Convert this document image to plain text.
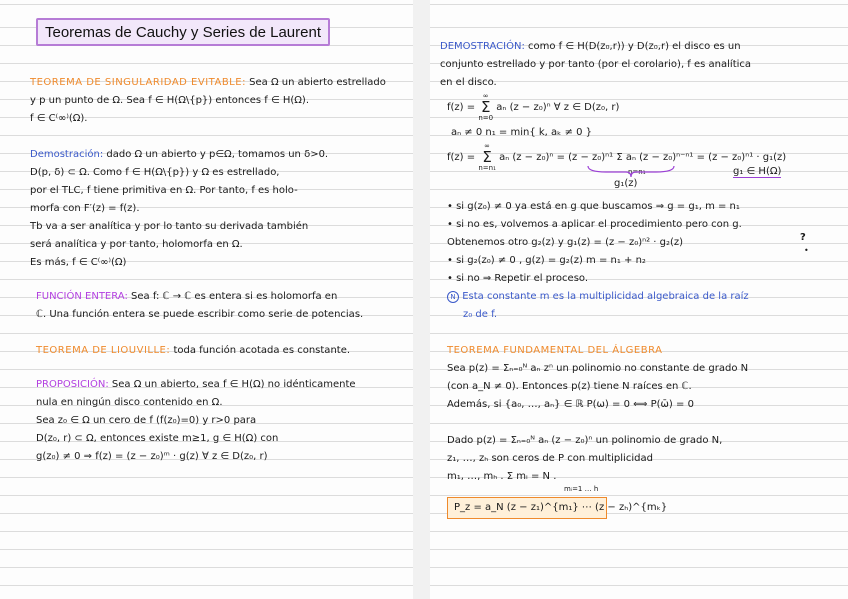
Teoremas de Cauchy y Series de Laurent

TEOREMA DE SINGULARIDAD EVITABLE: Sea Ω un abierto estrellado

y p un punto de Ω. Sea f ∈ H(Ω\{p}) entonces f ∈ H(Ω).

f ∈ C⁽∞⁾(Ω).

Demostración: dado Ω un abierto y p∈Ω, tomamos un δ>0.

D(p, δ) ⊂ Ω. Como f ∈ H(Ω\{p}) y Ω es estrellado,

por el TLC, f tiene primitiva en Ω. Por tanto, f es holo-

morfa con F′(z) = f(z).

Tb va a ser analítica y por lo tanto su derivada también

será analítica y por tanto, holomorfa en Ω.

Es más, f ∈ C⁽∞⁾(Ω)

FUNCIÓN ENTERA: Sea f: ℂ → ℂ es entera si es holomorfa en

ℂ. Una función entera se puede escribir como serie de potencias.

TEOREMA DE LIOUVILLE: toda función acotada es constante.

PROPOSICIÓN: Sea Ω un abierto, sea f ∈ H(Ω) no idénticamente

nula en ningún disco contenido en Ω.

Sea z₀ ∈ Ω un cero de f (f(z₀)=0) y r>0 para

D(z₀, r) ⊂ Ω, entonces existe m≥1, g ∈ H(Ω) con

g(z₀) ≠ 0 ⇒ f(z) = (z − z₀)ᵐ · g(z) ∀ z ∈ D(z₀, r)

DEMOSTRACIÓN: como f ∈ H(D(z₀,r)) y D(z₀,r) el disco es un

conjunto estrellado y por tanto (por el corolario), f es analítica

en el disco.

f(z) =
∞
Σ
n=0
aₙ (z − z₀)ⁿ ∀ z ∈ D(z₀, r)
aₙ ≠ 0 n₁ = min{ k, aₖ ≠ 0 }
f(z) =
∞
Σ
n=n₁
aₙ (z − z₀)ⁿ = (z − z₀)ⁿ¹ Σ aₙ (z − z₀)ⁿ⁻ⁿ¹ = (z − z₀)ⁿ¹ · g₁(z)
n=n₁
g₁(z)
g₁ ∈ H(Ω)

• si g(z₀) ≠ 0 ya está en g que buscamos ⇒ g = g₁, m = n₁

• si no es, volvemos a aplicar el procedimiento pero con g.

Obtenemos otro g₂(z) y g₁(z) = (z − z₀)ⁿ² · g₂(z)

• si g₂(z₀) ≠ 0 , g(z) = g₂(z) m = n₁ + n₂

• si no ⇒ Repetir el proceso.

?
•

N Esta constante m es la multiplicidad algebraica de la raíz

z₀ de f.

TEOREMA FUNDAMENTAL DEL ÁLGEBRA

Sea p(z) = Σₙ₌₀ᴺ aₙ zⁿ un polinomio no constante de grado N

(con a_N ≠ 0). Entonces p(z) tiene N raíces en ℂ.

Además, si {a₀, …, aₙ} ∈ ℝ P(ω) = 0 ⟺ P(ω̄) = 0

Dado p(z) = Σₙ₌₀ᴺ aₙ (z − z₀)ⁿ un polinomio de grado N,

z₁, …, zₕ son ceros de P con multiplicidad

m₁, …, mₕ . Σ mᵢ = N .

mᵢ=1 … h
P_z = a_N (z − z₁)^{m₁} ⋯ (z − zₕ)^{mₖ}
